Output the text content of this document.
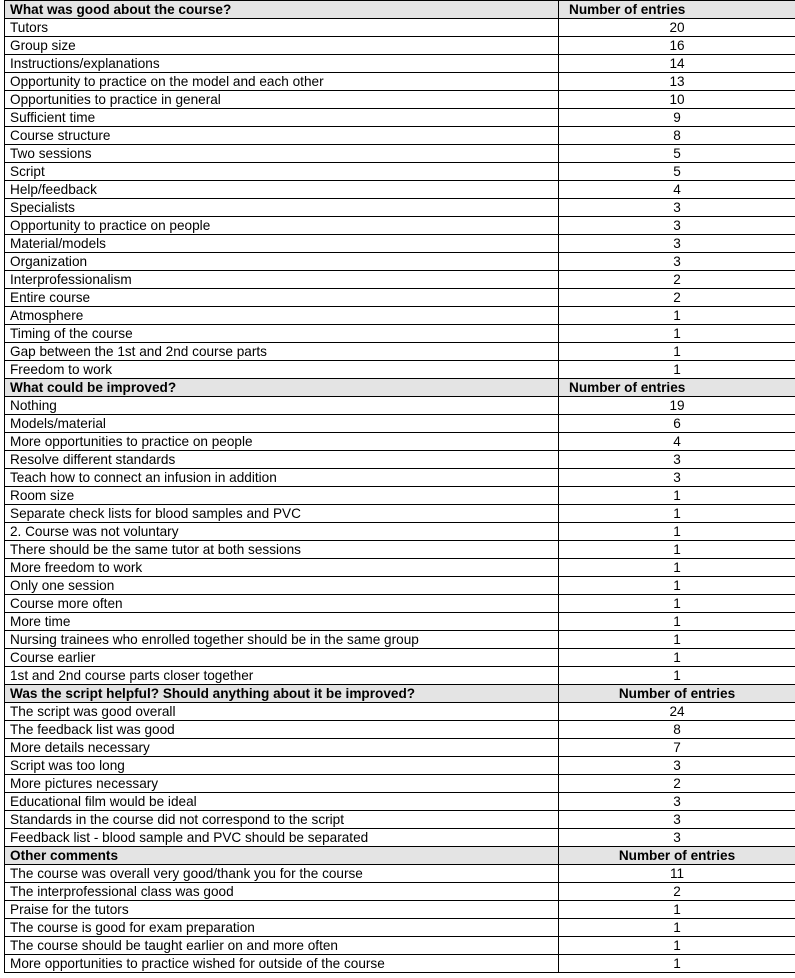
What was good about the course?	Number of entries
Tutors	20
Group size	16
Instructions/explanations	14
Opportunity to practice on the model and each other	13
Opportunities to practice in general	10
Sufficient time	9
Course structure	8
Two sessions	5
Script	5
Help/feedback	4
Specialists	3
Opportunity to practice on people	3
Material/models	3
Organization	3
Interprofessionalism	2
Entire course	2
Atmosphere	1
Timing of the course	1
Gap between the 1st and 2nd course parts	1
Freedom to work	1
What could be improved?	Number of entries
Nothing	19
Models/material	6
More opportunities to practice on people	4
Resolve different standards	3
Teach how to connect an infusion in addition	3
Room size	1
Separate check lists for blood samples and PVC	1
2. Course was not voluntary	1
There should be the same tutor at both sessions	1
More freedom to work	1
Only one session	1
Course more often	1
More time	1
Nursing trainees who enrolled together should be in the same group	1
Course earlier	1
1st and 2nd course parts closer together	1
Was the script helpful? Should anything about it be improved?	Number of entries
The script was good overall	24
The feedback list was good	8
More details necessary	7
Script was too long	3
More pictures necessary	2
Educational film would be ideal	3
Standards in the course did not correspond to the script	3
Feedback list - blood sample and PVC should be separated	3
Other comments	Number of entries
The course was overall very good/thank you for the course	11
The interprofessional class was good	2
Praise for the tutors	1
The course is good for exam preparation	1
The course should be taught earlier on and more often	1
More opportunities to practice wished for outside of the course	1
